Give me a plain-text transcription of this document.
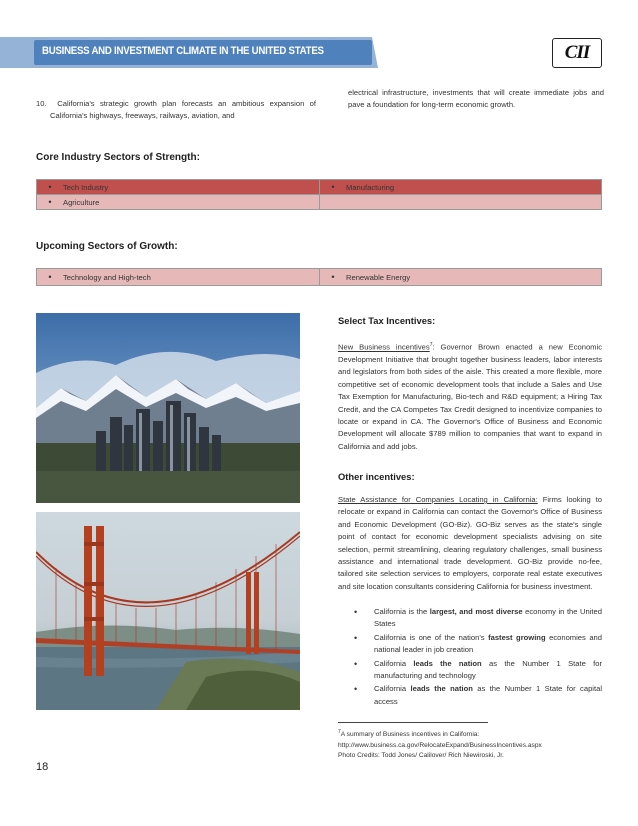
BUSINESS AND INVESTMENT CLIMATE IN THE UNITED STATES	CII
10. California's strategic growth plan forecasts an ambitious expansion of California's highways, freeways, railways, aviation, and
electrical infrastructure, investments that will create immediate jobs and pave a foundation for long-term economic growth.
Core Industry Sectors of Strength:
• Tech Industry	• Manufacturing

• Agriculture	

Upcoming Sectors of Growth:
•	Technology and High-tech	•	Renewable Energy
Select Tax Incentives:
New Business incentives$^7$: Governor Brown enacted a new Economic Development Initiative that brought together business leaders, labor interests and legislators from both sides of the aisle. This created a more flexible, more competitive set of economic development tools that include a Sales and Use Tax Exemption for Manufacturing, Bio-tech and R&D equipment; a Hiring Tax Credit, and the CA Competes Tax Credit designed to incentivize companies to locate or expand in CA. The Governor's Office of Business and Economic Development will allocate $789 million to companies that want to expand in California and add jobs.
Other incentives:
State Assistance for Companies Locating in California: Firms looking to relocate or expand in California can contact the Governor's Office of Business and Economic Development (GO-Biz). GO-Biz serves as the state's single point of contact for economic development specialists advising on site selection, permit streamlining, clearing regulatory challenges, small business assistance and international trade development. GO-Biz provide no-fee, tailored site selection services to employers, corporate real estate executives and site location consultants considering California for business investment.
• California is the largest, and most diverse economy in the United States
• California is one of the nation's fastest growing economies and national leader in job creation
• California leads the nation as the Number 1 State for manufacturing and technology
• California leads the nation as the Number 1 State for capital access
$^7$A summary of Business incentives in California:
http://www.business.ca.gov/RelocateExpand/BusinessIncentives.aspx
Photo Credits: Todd Jones/ Calilover/ Rich Niewiroski, Jr.
18
